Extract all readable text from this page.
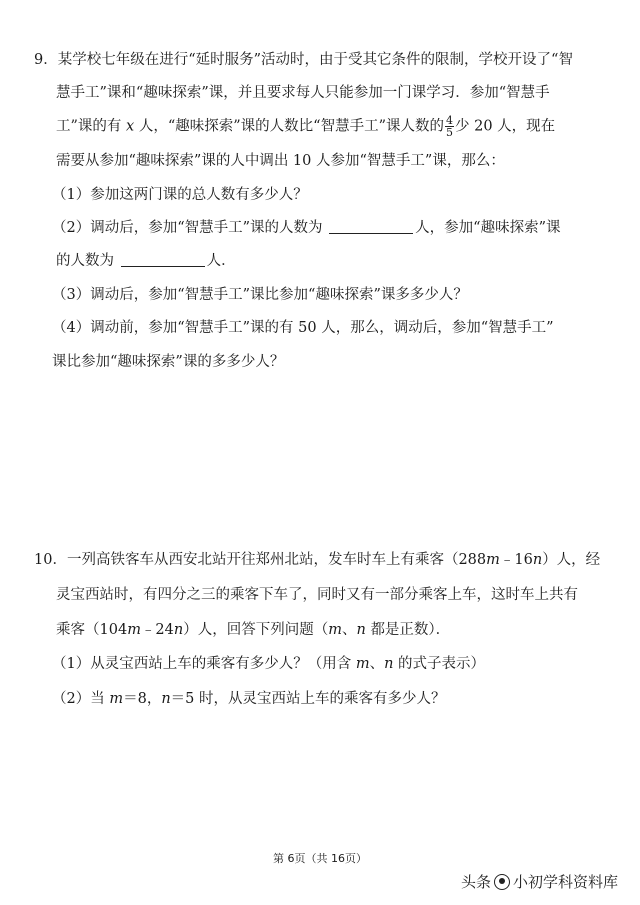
9．某学校七年级在进行“延时服务”活动时，由于受其它条件的限制，学校开设了“智
慧手工”课和“趣味探索”课，并且要求每人只能参加一门课学习．参加“智慧手
工”课的有 x 人，“趣味探索”课的人数比“智慧手工”课人数的 $\frac{4}{5}$ 少 20 人，现在
需要从参加“趣味探索”课的人中调出 10 人参加“智慧手工”课，那么：
（1）参加这两门课的总人数有多少人？
（2）调动后，参加“智慧手工”课的人数为	人，参加“趣味探索”课
的人数为	人．
（3）调动后，参加“智慧手工”课比参加“趣味探索”课多多少人？
（4）调动前，参加“智慧手工”课的有 50 人，那么，调动后，参加“智慧手工”
课比参加“趣味探索”课的多多少人？
10．一列高铁客车从西安北站开往郑州北站，发车时车上有乘客（288m﹣16n）人，经
灵宝西站时，有四分之三的乘客下车了，同时又有一部分乘客上车，这时车上共有
乘客（104m﹣24n）人，回答下列问题（m、n 都是正数）．
（1）从灵宝西站上车的乘客有多少人？（用含 m、n 的式子表示）
（2）当 m＝8，n＝5 时，从灵宝西站上车的乘客有多少人？
第 6页（共 16页）
头条 小初学科资料库
